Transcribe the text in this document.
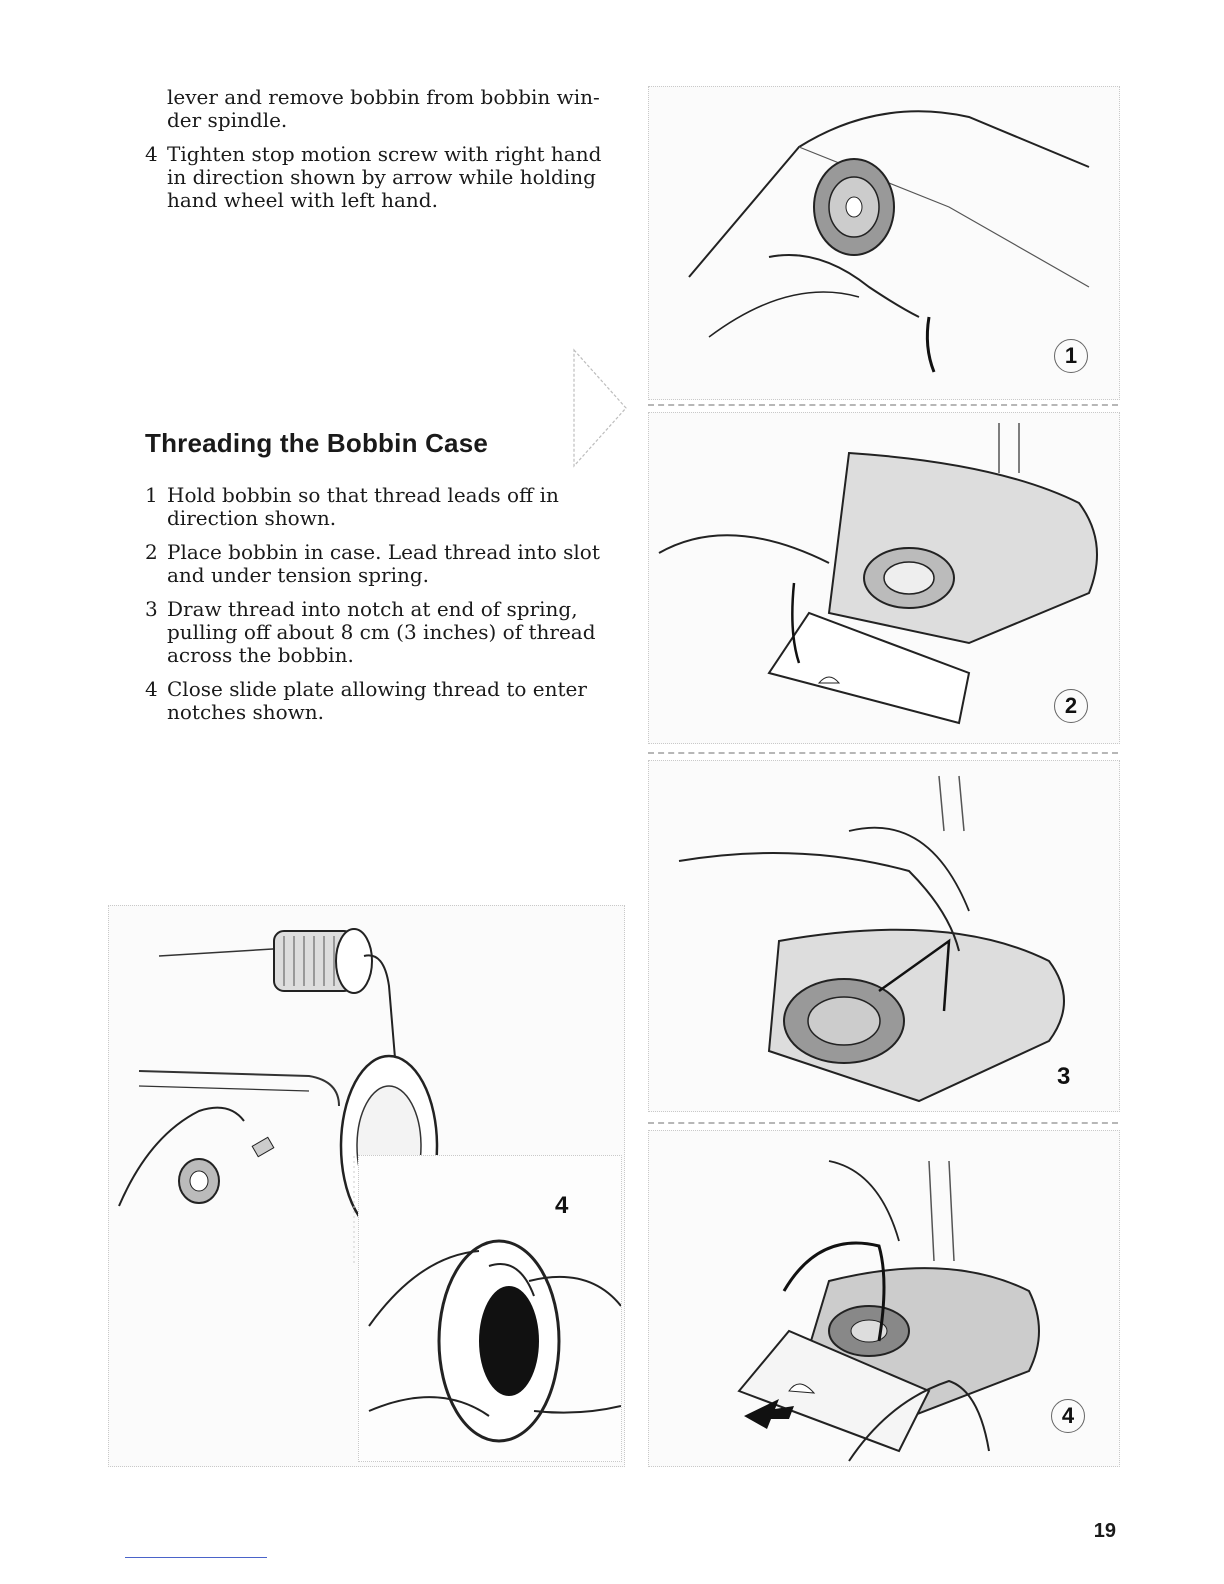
lever and remove bobbin from bobbin win-
der spindle.
4 Tighten stop motion screw with right hand in direction shown by arrow while holding hand wheel with left hand.
Threading the Bobbin Case
1 Hold bobbin so that thread leads off in direction shown.
2 Place bobbin in case. Lead thread into slot and under tension spring.
3 Draw thread into notch at end of spring, pulling off about 8 cm (3 inches) of thread across the bobbin.
4 Close slide plate allowing thread to enter notches shown.
4
1
2
3
4
19
